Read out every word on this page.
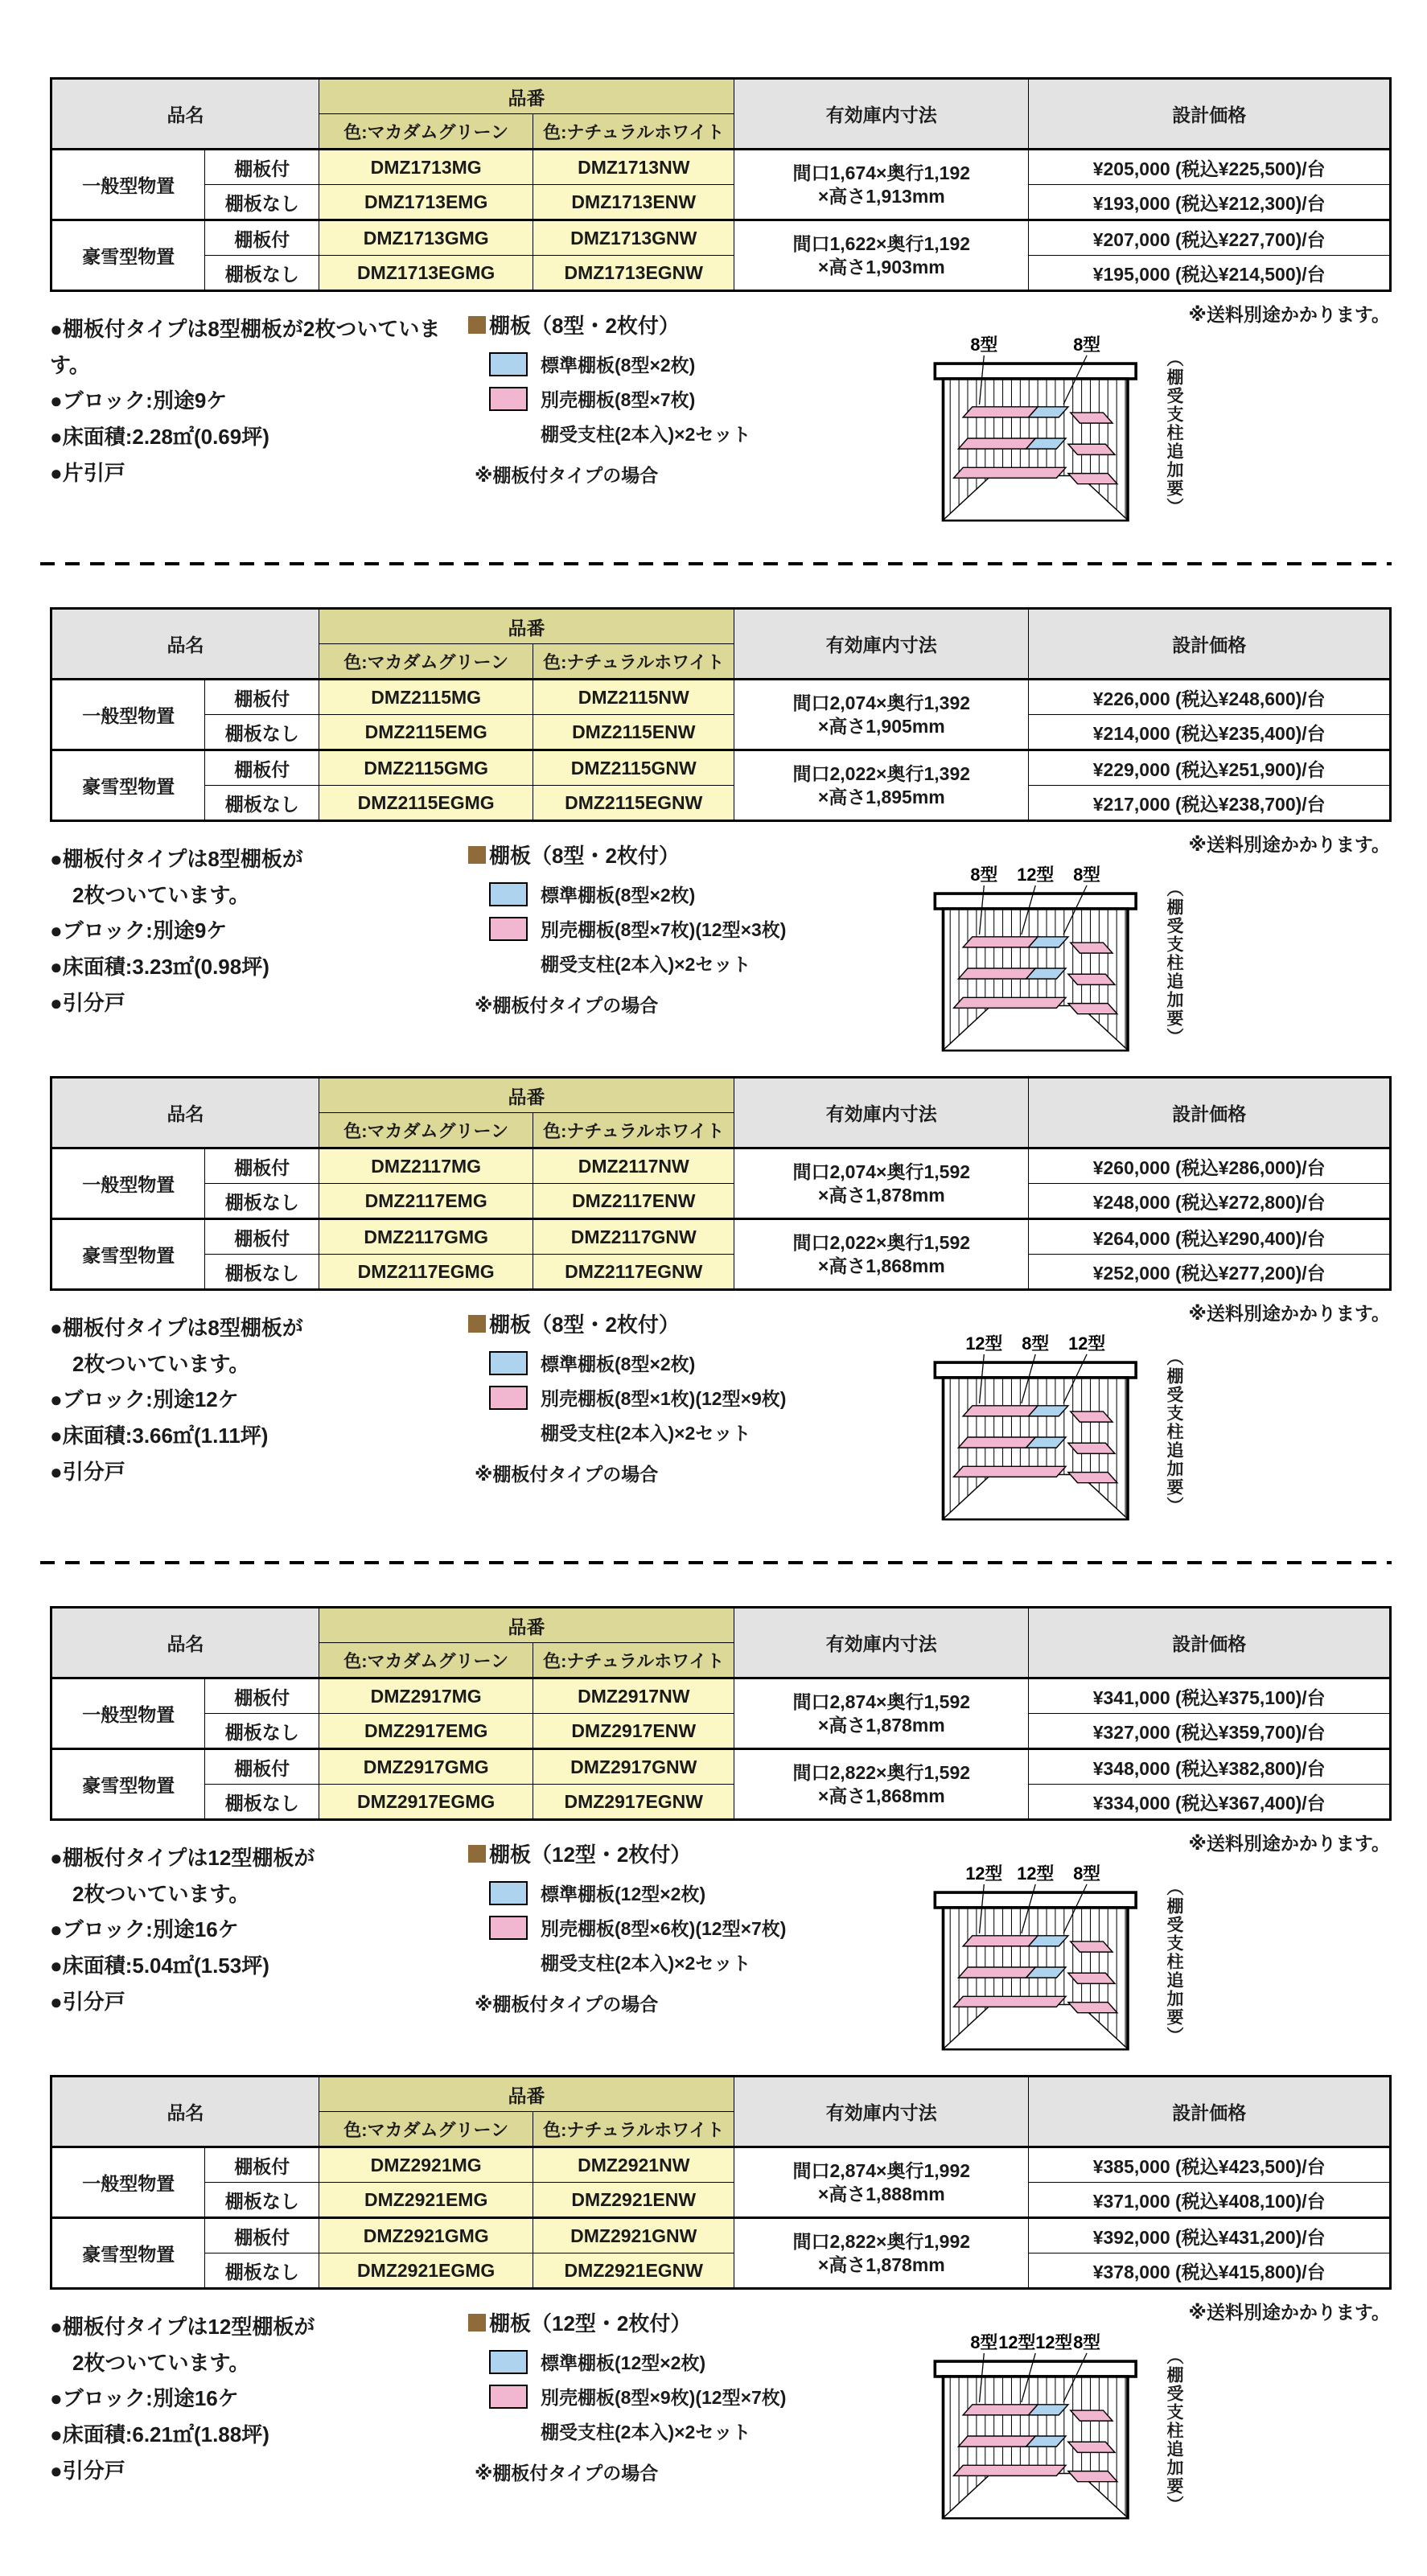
品名		品番		有効庫内寸法	設計価格
		色:マカダムグリーン	色:ナチュラルホワイト		
一般型物置	棚板付	DMZ1713MG	DMZ1713NW	間口1,674×奥行1,192
×高さ1,913mm	¥205,000 (税込¥225,500)/台
	棚板なし	DMZ1713EMG	DMZ1713ENW		¥193,000 (税込¥212,300)/台
豪雪型物置	棚板付	DMZ1713GMG	DMZ1713GNW	間口1,622×奥行1,192
×高さ1,903mm	¥207,000 (税込¥227,700)/台
	棚板なし	DMZ1713EGMG	DMZ1713EGNW		¥195,000 (税込¥214,500)/台
●棚板付タイプは8型棚板が2枚ついています。
●ブロック:別途9ケ
●床面積:2.28㎡(0.69坪)
●片引戸
棚板（8型・2枚付）
標準棚板(8型×2枚)
別売棚板(8型×7枚)
棚受支柱(2本入)×2セット
※棚板付タイプの場合
8型	8型
（棚受支柱追加要）
※送料別途かかります。
品名		品番		有効庫内寸法	設計価格
		色:マカダムグリーン	色:ナチュラルホワイト		
一般型物置	棚板付	DMZ2115MG	DMZ2115NW	間口2,074×奥行1,392
×高さ1,905mm	¥226,000 (税込¥248,600)/台
	棚板なし	DMZ2115EMG	DMZ2115ENW		¥214,000 (税込¥235,400)/台
豪雪型物置	棚板付	DMZ2115GMG	DMZ2115GNW	間口2,022×奥行1,392
×高さ1,895mm	¥229,000 (税込¥251,900)/台
	棚板なし	DMZ2115EGMG	DMZ2115EGNW		¥217,000 (税込¥238,700)/台
●棚板付タイプは8型棚板が
2枚ついています。
●ブロック:別途9ケ
●床面積:3.23㎡(0.98坪)
●引分戸
棚板（8型・2枚付）
標準棚板(8型×2枚)
別売棚板(8型×7枚)(12型×3枚)
棚受支柱(2本入)×2セット
※棚板付タイプの場合
8型 12型 8型
（棚受支柱追加要）
※送料別途かかります。
品名		品番		有効庫内寸法	設計価格
		色:マカダムグリーン	色:ナチュラルホワイト		
一般型物置	棚板付	DMZ2117MG	DMZ2117NW	間口2,074×奥行1,592
×高さ1,878mm	¥260,000 (税込¥286,000)/台
	棚板なし	DMZ2117EMG	DMZ2117ENW		¥248,000 (税込¥272,800)/台
豪雪型物置	棚板付	DMZ2117GMG	DMZ2117GNW	間口2,022×奥行1,592
×高さ1,868mm	¥264,000 (税込¥290,400)/台
	棚板なし	DMZ2117EGMG	DMZ2117EGNW		¥252,000 (税込¥277,200)/台
●棚板付タイプは8型棚板が
2枚ついています。
●ブロック:別途12ケ
●床面積:3.66㎡(1.11坪)
●引分戸
棚板（8型・2枚付）
標準棚板(8型×2枚)
別売棚板(8型×1枚)(12型×9枚)
棚受支柱(2本入)×2セット
※棚板付タイプの場合
12型 8型 12型
（棚受支柱追加要）
※送料別途かかります。
品名		品番		有効庫内寸法	設計価格
		色:マカダムグリーン	色:ナチュラルホワイト		
一般型物置	棚板付	DMZ2917MG	DMZ2917NW	間口2,874×奥行1,592
×高さ1,878mm	¥341,000 (税込¥375,100)/台
	棚板なし	DMZ2917EMG	DMZ2917ENW		¥327,000 (税込¥359,700)/台
豪雪型物置	棚板付	DMZ2917GMG	DMZ2917GNW	間口2,822×奥行1,592
×高さ1,868mm	¥348,000 (税込¥382,800)/台
	棚板なし	DMZ2917EGMG	DMZ2917EGNW		¥334,000 (税込¥367,400)/台
●棚板付タイプは12型棚板が
2枚ついています。
●ブロック:別途16ケ
●床面積:5.04㎡(1.53坪)
●引分戸
棚板（12型・2枚付）
標準棚板(12型×2枚)
別売棚板(8型×6枚)(12型×7枚)
棚受支柱(2本入)×2セット
※棚板付タイプの場合
12型 12型 8型
（棚受支柱追加要）
※送料別途かかります。
品名		品番		有効庫内寸法	設計価格
		色:マカダムグリーン	色:ナチュラルホワイト		
一般型物置	棚板付	DMZ2921MG	DMZ2921NW	間口2,874×奥行1,992
×高さ1,888mm	¥385,000 (税込¥423,500)/台
	棚板なし	DMZ2921EMG	DMZ2921ENW		¥371,000 (税込¥408,100)/台
豪雪型物置	棚板付	DMZ2921GMG	DMZ2921GNW	間口2,822×奥行1,992
×高さ1,878mm	¥392,000 (税込¥431,200)/台
	棚板なし	DMZ2921EGMG	DMZ2921EGNW		¥378,000 (税込¥415,800)/台
●棚板付タイプは12型棚板が
2枚ついています。
●ブロック:別途16ケ
●床面積:6.21㎡(1.88坪)
●引分戸
棚板（12型・2枚付）
標準棚板(12型×2枚)
別売棚板(8型×9枚)(12型×7枚)
棚受支柱(2本入)×2セット
※棚板付タイプの場合
8型 12型12型 8型
（棚受支柱追加要）
※送料別途かかります。
